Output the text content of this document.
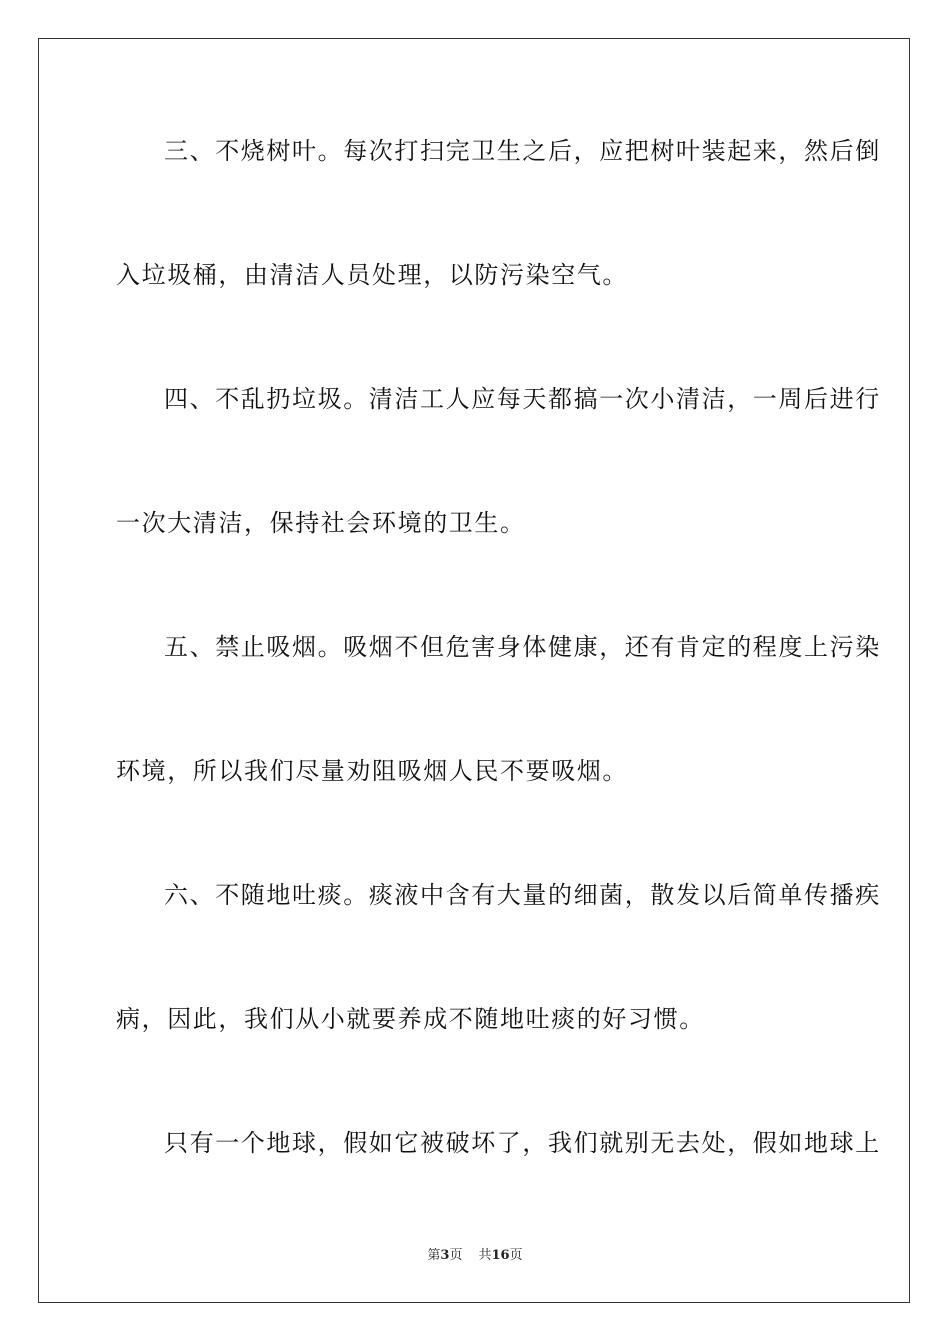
三、不烧树叶。每次打扫完卫生之后，应把树叶装起来，然后倒
入垃圾桶，由清洁人员处理，以防污染空气。
四、不乱扔垃圾。清洁工人应每天都搞一次小清洁，一周后进行
一次大清洁，保持社会环境的卫生。
五、禁止吸烟。吸烟不但危害身体健康，还有肯定的程度上污染
环境，所以我们尽量劝阻吸烟人民不要吸烟。
六、不随地吐痰。痰液中含有大量的细菌，散发以后简单传播疾
病，因此，我们从小就要养成不随地吐痰的好习惯。
只有一个地球，假如它被破坏了，我们就别无去处，假如地球上
第3页 共16页
